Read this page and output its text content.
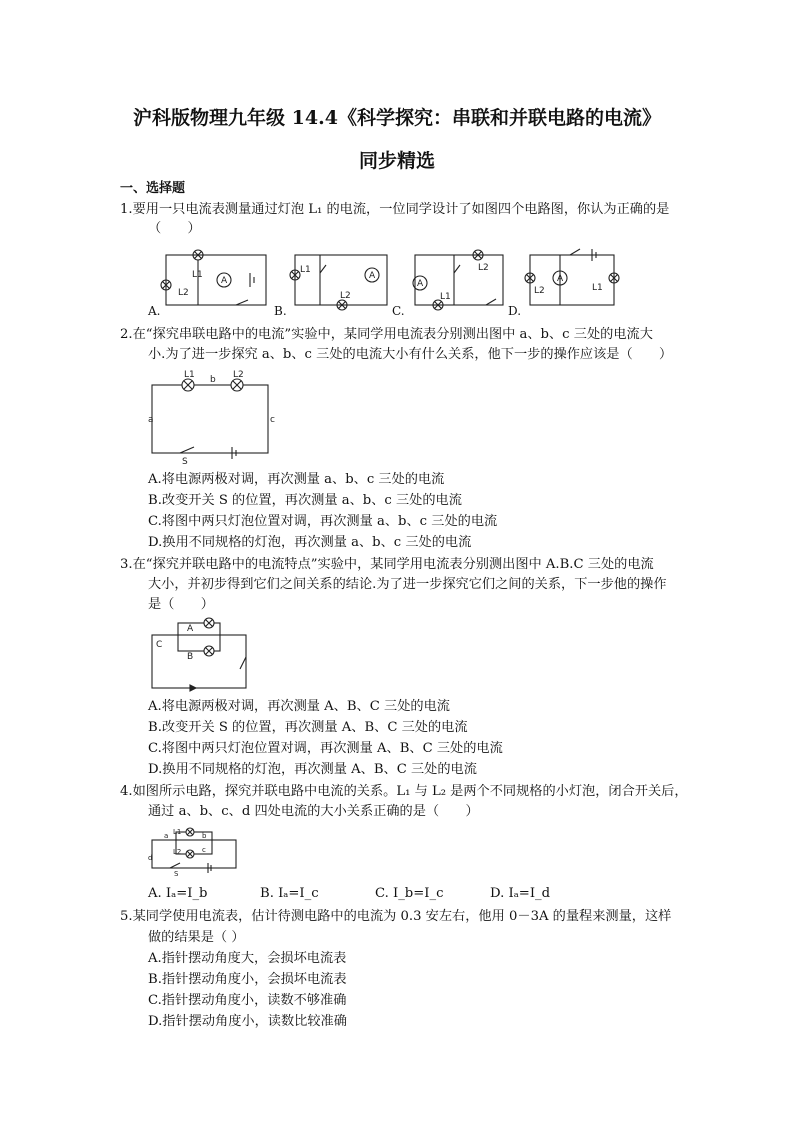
沪科版物理九年级 14.4《科学探究：串联和并联电路的电流》
同步精选
一、选择题
1.要用一只电流表测量通过灯泡 L₁ 的电流，一位同学设计了如图四个电路图，你认为正确的是
（　　）
A
L1
L2
A.
A
L1
L2
B.
A
L2
L1
C.
A
L2	L1
D.
2.在“探究串联电路中的电流”实验中，某同学用电流表分别测出图中 a、b、c 三处的电流大
小.为了进一步探究 a、b、c 三处的电流大小有什么关系，他下一步的操作应该是（　　）
L1	L2
b
a	c
S
A.将电源两极对调，再次测量 a、b、c 三处的电流
B.改变开关 S 的位置，再次测量 a、b、c 三处的电流
C.将图中两只灯泡位置对调，再次测量 a、b、c 三处的电流
D.换用不同规格的灯泡，再次测量 a、b、c 三处的电流
3.在“探究并联电路中的电流特点”实验中，某同学用电流表分别测出图中 A.B.C 三处的电流
大小，并初步得到它们之间关系的结论.为了进一步探究它们之间的关系，下一步他的操作
是（　　）
A
B
C
A.将电源两极对调，再次测量 A、B、C 三处的电流
B.改变开关 S 的位置，再次测量 A、B、C 三处的电流
C.将图中两只灯泡位置对调，再次测量 A、B、C 三处的电流
D.换用不同规格的灯泡，再次测量 A、B、C 三处的电流
4.如图所示电路，探究并联电路中电流的关系。L₁ 与 L₂ 是两个不同规格的小灯泡，闭合开关后，
通过 a、b、c、d 四处电流的大小关系正确的是（　　）
L1
L2
a	b
c
d
S
A. Iₐ=I_b	B. Iₐ=I_c	C. I_b=I_c	D. Iₐ=I_d
5.某同学使用电流表，估计待测电路中的电流为 0.3 安左右，他用 0－3A 的量程来测量，这样
做的结果是（ ）
A.指针摆动角度大，会损坏电流表
B.指针摆动角度小，会损坏电流表
C.指针摆动角度小，读数不够准确
D.指针摆动角度小，读数比较准确
